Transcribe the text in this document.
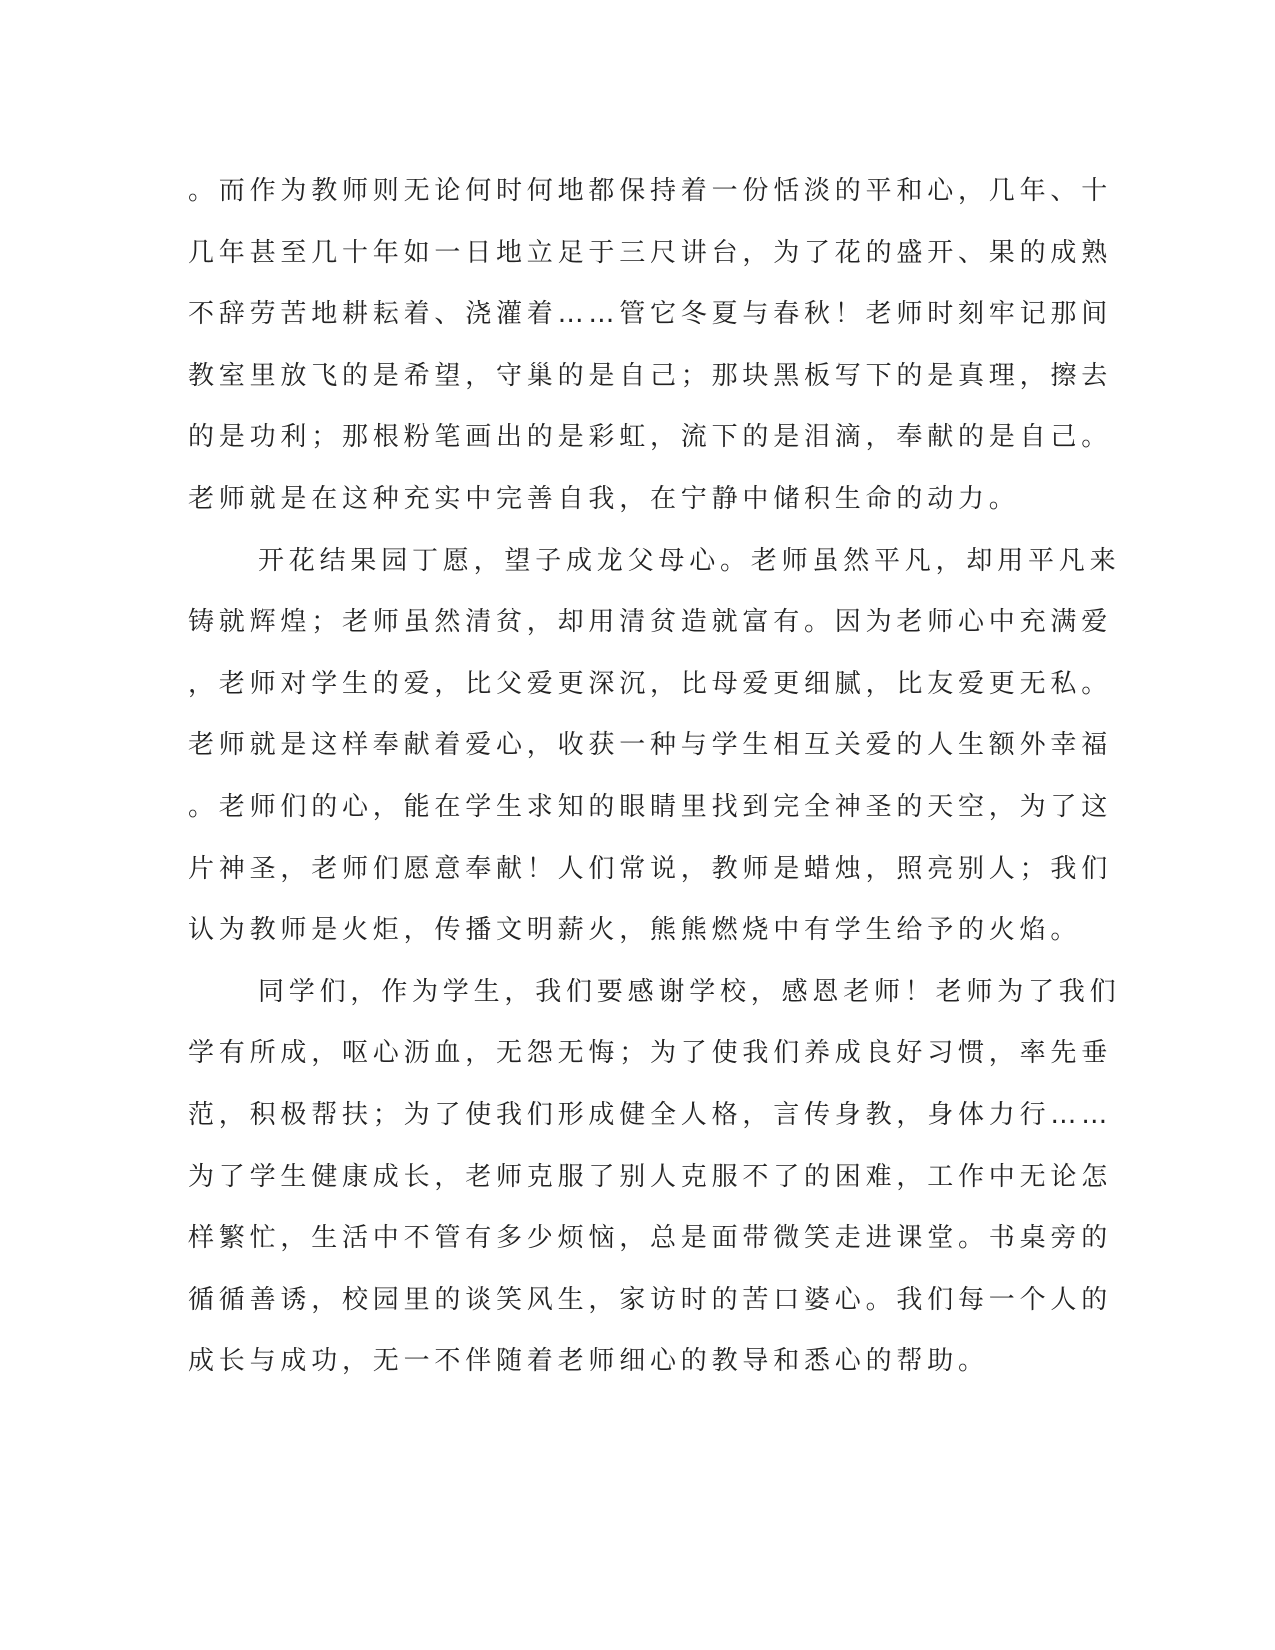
。而作为教师则无论何时何地都保持着一份恬淡的平和心，几年、十
几年甚至几十年如一日地立足于三尺讲台，为了花的盛开、果的成熟
不辞劳苦地耕耘着、浇灌着……管它冬夏与春秋！老师时刻牢记那间
教室里放飞的是希望，守巢的是自己；那块黑板写下的是真理，擦去
的是功利；那根粉笔画出的是彩虹，流下的是泪滴，奉献的是自己。
老师就是在这种充实中完善自我，在宁静中储积生命的动力。
开花结果园丁愿，望子成龙父母心。老师虽然平凡，却用平凡来
铸就辉煌；老师虽然清贫，却用清贫造就富有。因为老师心中充满爱
，老师对学生的爱，比父爱更深沉，比母爱更细腻，比友爱更无私。
老师就是这样奉献着爱心，收获一种与学生相互关爱的人生额外幸福
。老师们的心，能在学生求知的眼睛里找到完全神圣的天空，为了这
片神圣，老师们愿意奉献！人们常说，教师是蜡烛，照亮别人；我们
认为教师是火炬，传播文明薪火，熊熊燃烧中有学生给予的火焰。
同学们，作为学生，我们要感谢学校，感恩老师！老师为了我们
学有所成，呕心沥血，无怨无悔；为了使我们养成良好习惯，率先垂
范，积极帮扶；为了使我们形成健全人格，言传身教，身体力行……
为了学生健康成长，老师克服了别人克服不了的困难，工作中无论怎
样繁忙，生活中不管有多少烦恼，总是面带微笑走进课堂。书桌旁的
循循善诱，校园里的谈笑风生，家访时的苦口婆心。我们每一个人的
成长与成功，无一不伴随着老师细心的教导和悉心的帮助。
